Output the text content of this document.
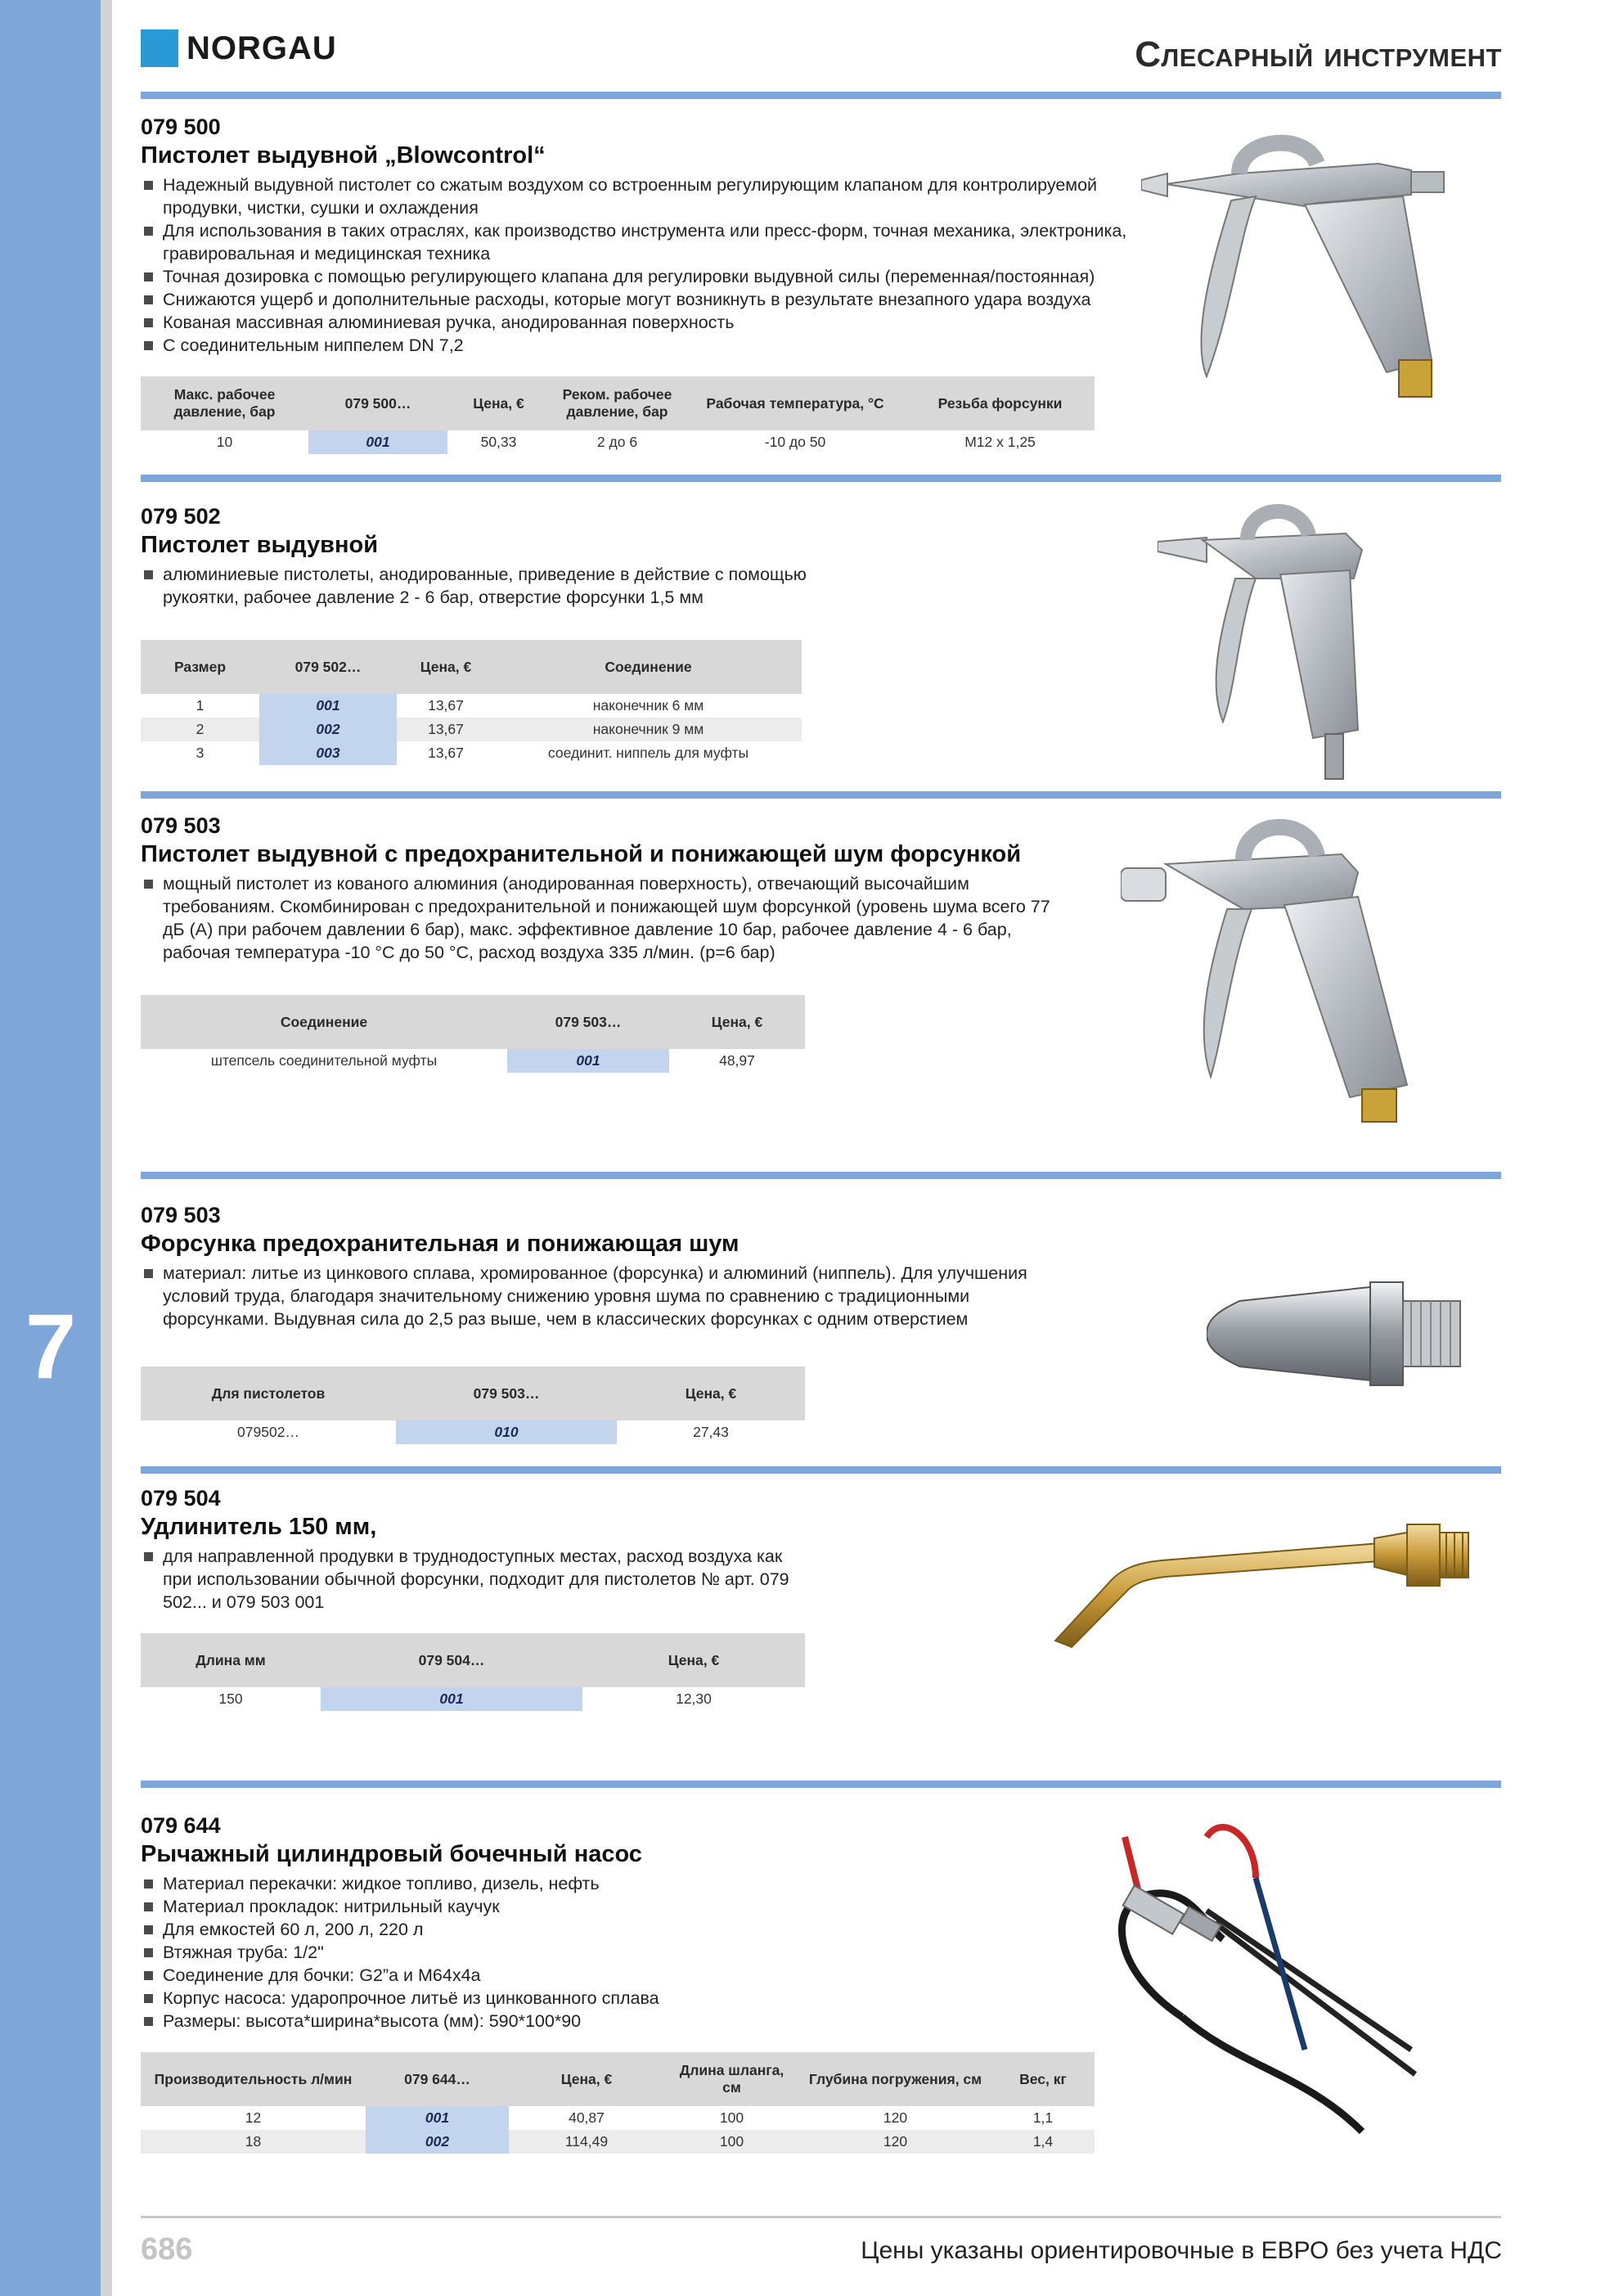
7
NORGAU	Слесарный инструмент
079 500
Пистолет выдувной „Blowcontrol“
Надежный выдувной пистолет со сжатым воздухом со встроенным регулирующим клапаном для контролируемой продувки, чистки, сушки и охлаждения
Для использования в таких отраслях, как производство инструмента или пресс-форм, точная механика, электроника, гравировальная и медицинская техника
Точная дозировка с помощью регулирующего клапана для регулировки выдувной силы (переменная/постоянная)
Снижаются ущерб и дополнительные расходы, которые могут возникнуть в результате внезапного удара воздуха
Кованая массивная алюминиевая ручка, анодированная поверхность
С соединительным ниппелем DN 7,2
Макс. рабочее давление, бар	079 500…	Цена, €	Реком. рабочее давление, бар	Рабочая температура, °C	Резьба форсунки
10	001	50,33	2 до 6	-10 до 50	M12 x 1,25
079 502
Пистолет выдувной
алюминиевые пистолеты, анодированные, приведение в действие с помощью рукоятки, рабочее давление 2 - 6 бар, отверстие форсунки 1,5 мм
Размер	079 502…	Цена, €	Соединение
1	001	13,67	наконечник 6 мм
2	002	13,67	наконечник 9 мм
3	003	13,67	соединит. ниппель для муфты
079 503
Пистолет выдувной с предохранительной и понижающей шум форсункой
мощный пистолет из кованого алюминия (анодированная поверхность), отвечающий высочайшим требованиям. Скомбинирован с предохранительной и понижающей шум форсункой (уровень шума всего 77 дБ (А) при рабочем давлении 6 бар), макс. эффективное давление 10 бар, рабочее давление 4 - 6 бар, рабочая температура -10 °C до 50 °C, расход воздуха 335 л/мин. (р=6 бар)
Соединение	079 503…	Цена, €
штепсель соединительной муфты	001	48,97
079 503
Форсунка предохранительная и понижающая шум
материал: литье из цинкового сплава, хромированное (форсунка) и алюминий (ниппель). Для улучшения условий труда, благодаря значительному снижению уровня шума по сравнению с традиционными форсунками. Выдувная сила до 2,5 раз выше, чем в классических форсунках с одним отверстием
Для пистолетов	079 503…	Цена, €
079502…	010	27,43
079 504
Удлинитель 150 мм,
для направленной продувки в труднодоступных местах, расход воздуха как при использовании обычной форсунки, подходит для пистолетов № арт. 079 502... и 079 503 001
Длина мм	079 504…	Цена, €
150	001	12,30
079 644
Рычажный цилиндровый бочечный насос
Материал перекачки: жидкое топливо, дизель, нефть
Материал прокладок: нитрильный каучук
Для емкостей 60 л, 200 л, 220 л
Втяжная труба: 1/2"
Соединение для бочки: G2”а и M64x4a
Корпус насоса: ударопрочное литьё из цинкованного сплава
Размеры: высота*ширина*высота (мм): 590*100*90
Производительность л/мин	079 644…	Цена, €	Длина шланга, см	Глубина погружения, см	Вес, кг
12	001	40,87	100	120	1,1
18	002	114,49	100	120	1,4
686	Цены указаны ориентировочные в ЕВРО без учета НДС
